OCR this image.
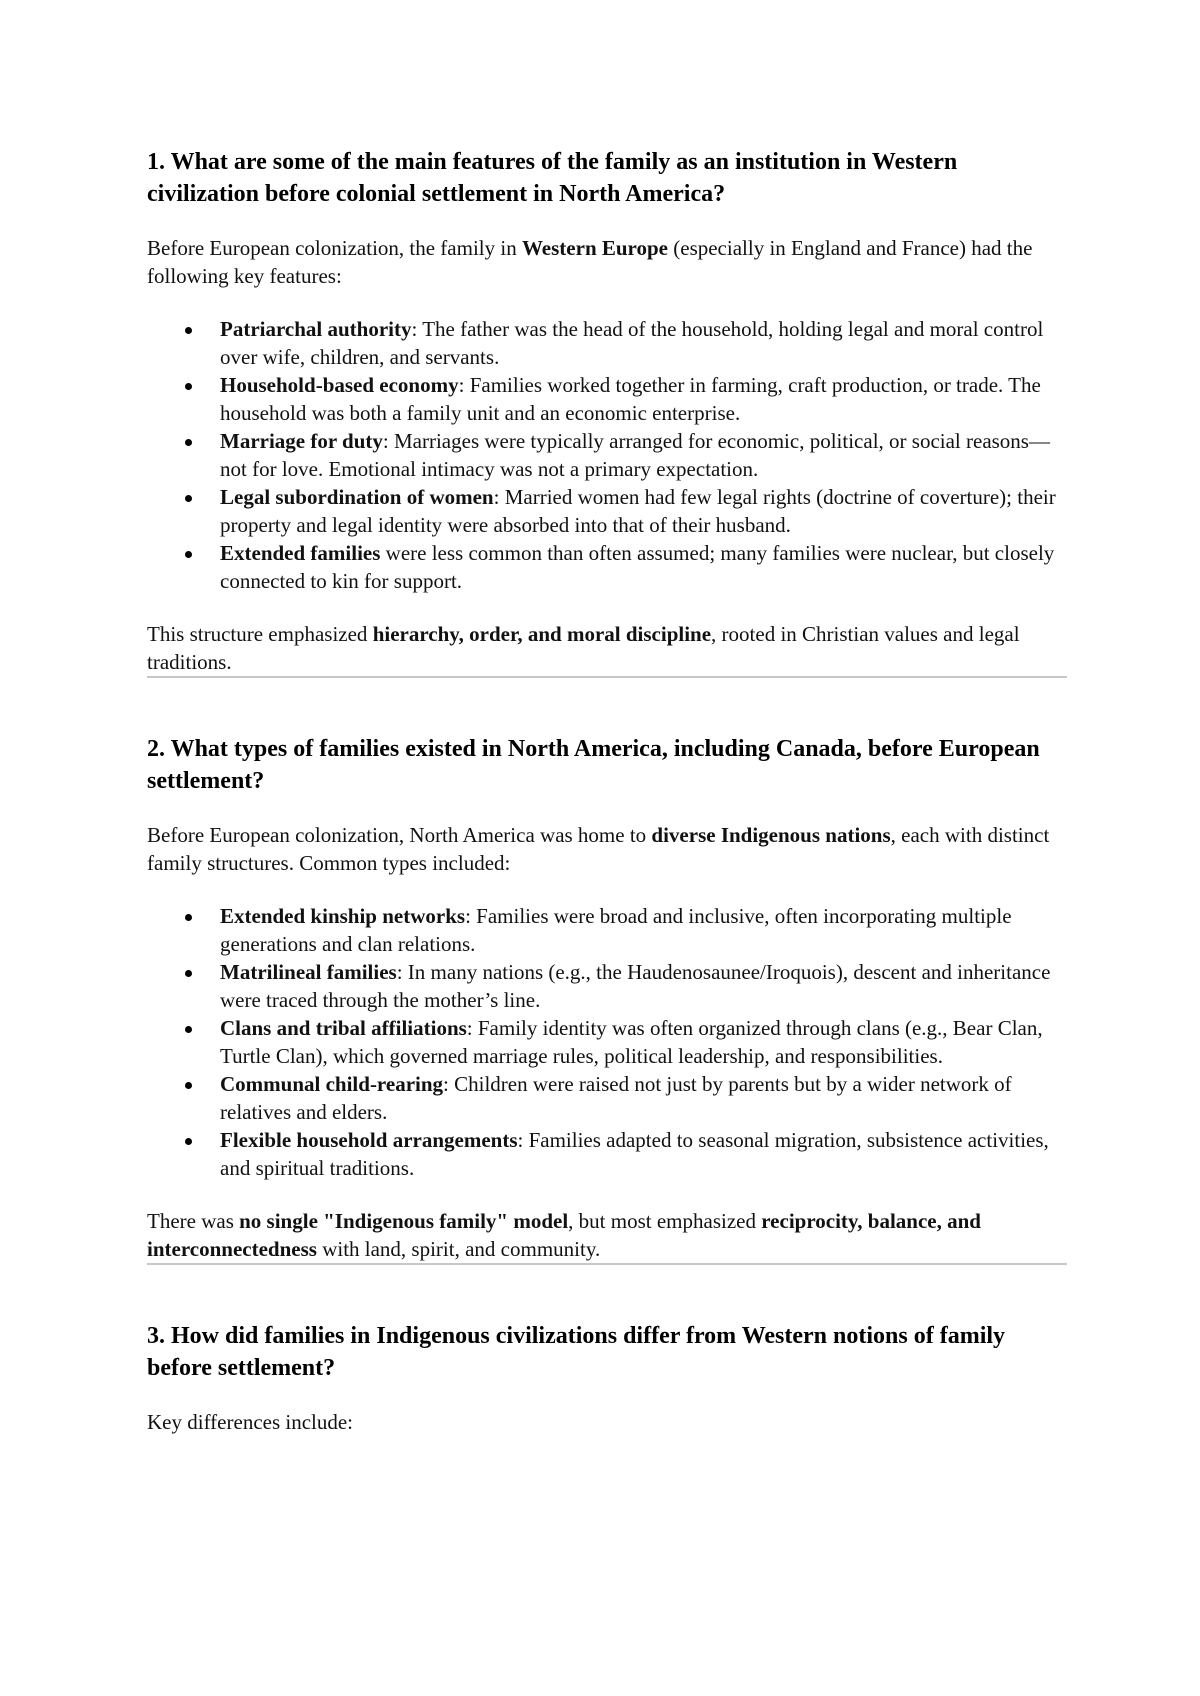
1. What are some of the main features of the family as an institution in Western civilization before colonial settlement in North America?

Before European colonization, the family in Western Europe (especially in England and France) had the following key features:

Patriarchal authority: The father was the head of the household, holding legal and moral control over wife, children, and servants.
Household-based economy: Families worked together in farming, craft production, or trade. The household was both a family unit and an economic enterprise.
Marriage for duty: Marriages were typically arranged for economic, political, or social reasons—not for love. Emotional intimacy was not a primary expectation.
Legal subordination of women: Married women had few legal rights (doctrine of coverture); their property and legal identity were absorbed into that of their husband.
Extended families were less common than often assumed; many families were nuclear, but closely connected to kin for support.

This structure emphasized hierarchy, order, and moral discipline, rooted in Christian values and legal traditions.

2. What types of families existed in North America, including Canada, before European settlement?

Before European colonization, North America was home to diverse Indigenous nations, each with distinct family structures. Common types included:

Extended kinship networks: Families were broad and inclusive, often incorporating multiple generations and clan relations.
Matrilineal families: In many nations (e.g., the Haudenosaunee/Iroquois), descent and inheritance were traced through the mother’s line.
Clans and tribal affiliations: Family identity was often organized through clans (e.g., Bear Clan, Turtle Clan), which governed marriage rules, political leadership, and responsibilities.
Communal child-rearing: Children were raised not just by parents but by a wider network of relatives and elders.
Flexible household arrangements: Families adapted to seasonal migration, subsistence activities, and spiritual traditions.

There was no single "Indigenous family" model, but most emphasized reciprocity, balance, and interconnectedness with land, spirit, and community.

3. How did families in Indigenous civilizations differ from Western notions of family before settlement?

Key differences include:
